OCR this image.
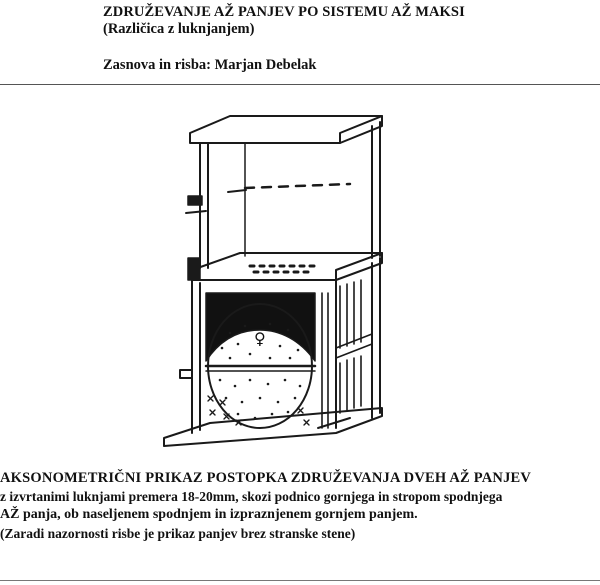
ZDRUŽEVANJE AŽ PANJEV PO SISTEMU AŽ MAKSI
(Različica z luknjanjem)
Zasnova in risba: Marjan Debelak
♀
AKSONOMETRIČNI PRIKAZ POSTOPKA ZDRUŽEVANJA DVEH AŽ PANJEV
z izvrtanimi luknjami premera 18-20mm, skozi podnico gornjega in stropom spodnjega
AŽ panja, ob naseljenem spodnjem in izpraznjenem gornjem panjem.
(Zaradi nazornosti risbe je prikaz panjev brez stranske stene)
